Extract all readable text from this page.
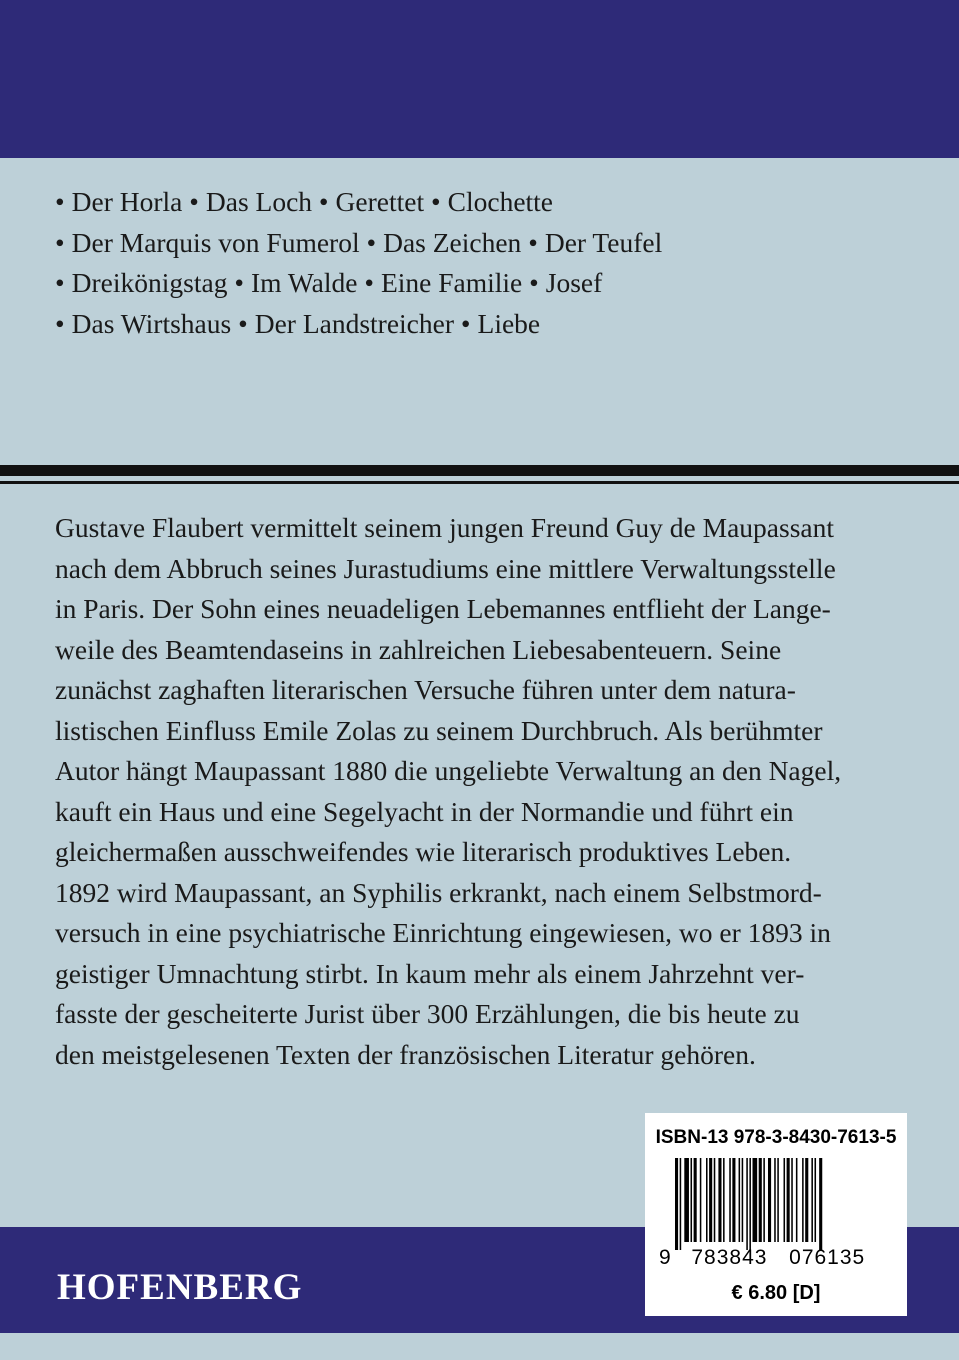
• Der Horla • Das Loch • Gerettet • Clochette
• Der Marquis von Fumerol • Das Zeichen • Der Teufel
• Dreikönigstag • Im Walde • Eine Familie • Josef
• Das Wirtshaus • Der Landstreicher • Liebe
Gustave Flaubert vermittelt seinem jungen Freund Guy de Maupassant
nach dem Abbruch seines Jurastudiums eine mittlere Verwaltungsstelle
in Paris. Der Sohn eines neuadeligen Lebemannes entflieht der Lange-
weile des Beamtendaseins in zahlreichen Liebesabenteuern. Seine
zunächst zaghaften literarischen Versuche führen unter dem natura-
listischen Einfluss Emile Zolas zu seinem Durchbruch. Als berühmter
Autor hängt Maupassant 1880 die ungeliebte Verwaltung an den Nagel,
kauft ein Haus und eine Segelyacht in der Normandie und führt ein
gleichermaßen ausschweifendes wie literarisch produktives Leben.
1892 wird Maupassant, an Syphilis erkrankt, nach einem Selbstmord-
versuch in eine psychiatrische Einrichtung eingewiesen, wo er 1893 in
geistiger Umnachtung stirbt. In kaum mehr als einem Jahrzehnt ver-
fasste der gescheiterte Jurist über 300 Erzählungen, die bis heute zu
den meistgelesenen Texten der französischen Literatur gehören.
HOFENBERG
ISBN-13 978-3-8430-7613-5
9 783843 076135
€ 6.80 [D]
